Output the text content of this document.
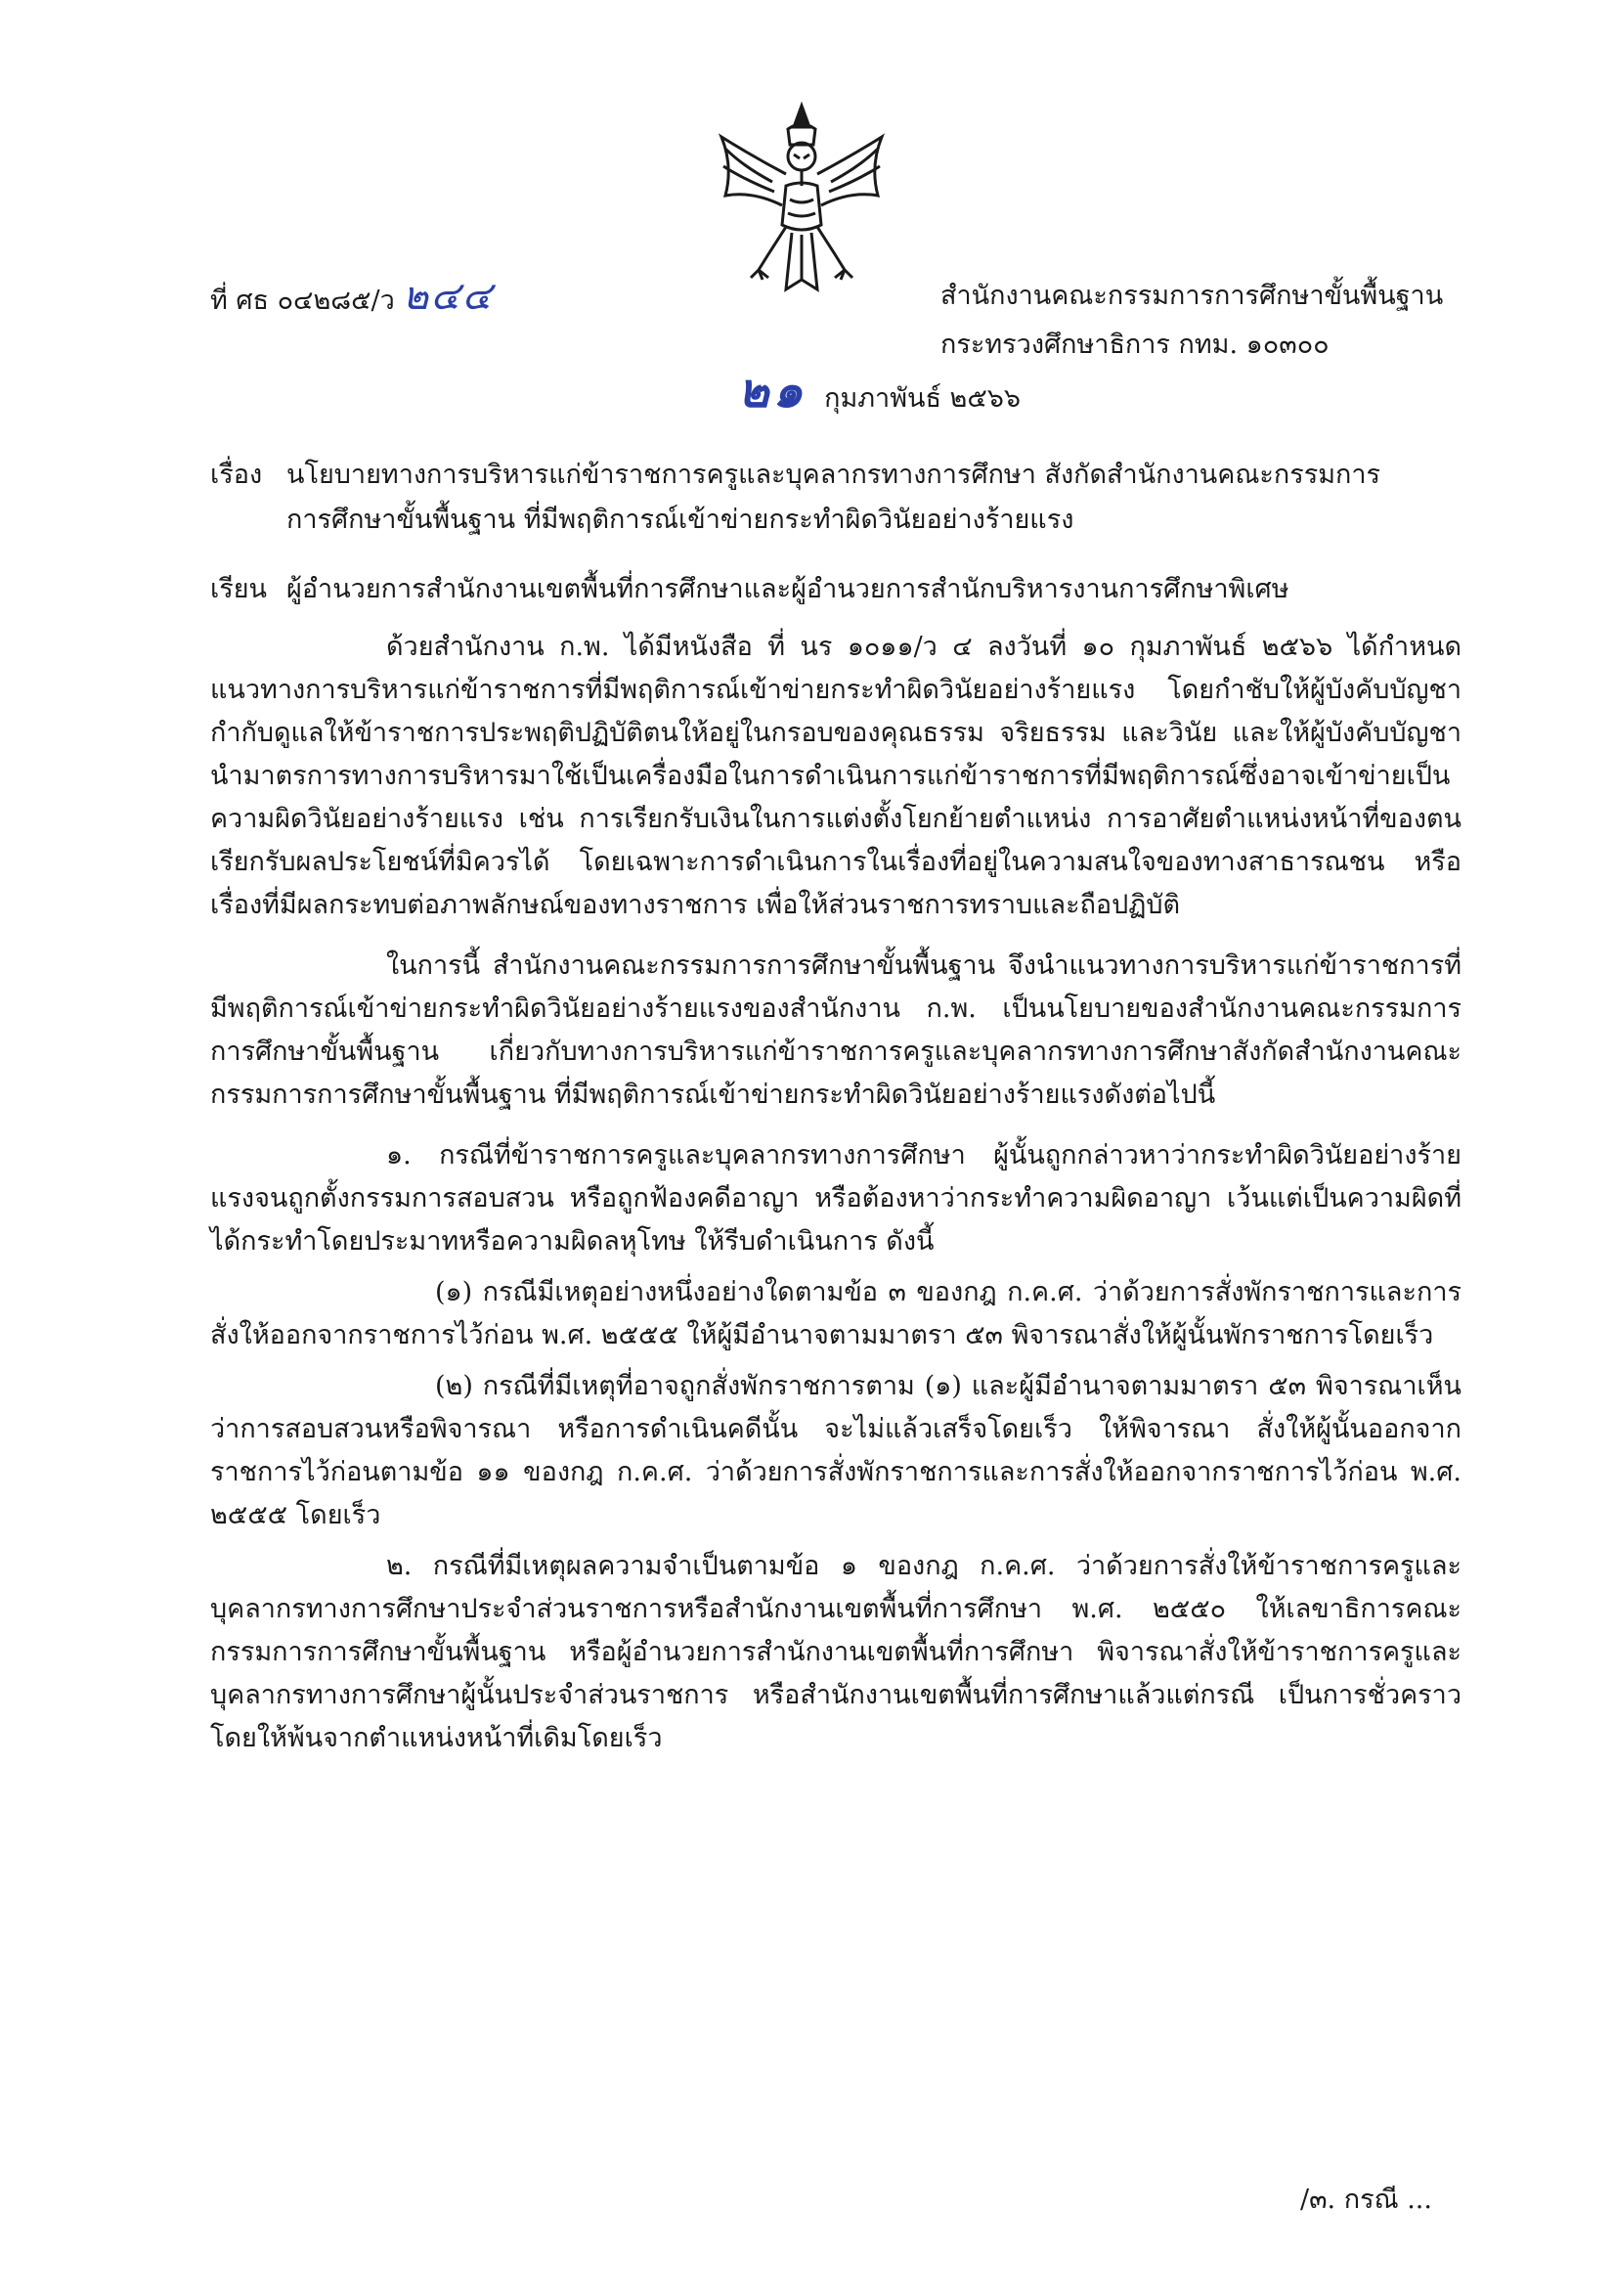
ที่ ศธ ๐๔๒๘๕/ว ๒๔๔	สำนักงานคณะกรรมการการศึกษาขั้นพื้นฐาน
กระทรวงศึกษาธิการ กทม. ๑๐๓๐๐
๒๑ กุมภาพันธ์ ๒๕๖๖
เรื่อง นโยบายทางการบริหารแก่ข้าราชการครูและบุคลากรทางการศึกษา สังกัดสำนักงานคณะกรรมการ
การศึกษาขั้นพื้นฐาน ที่มีพฤติการณ์เข้าข่ายกระทำผิดวินัยอย่างร้ายแรง
เรียน ผู้อำนวยการสำนักงานเขตพื้นที่การศึกษาและผู้อำนวยการสำนักบริหารงานการศึกษาพิเศษ

ด้วยสำนักงาน ก.พ. ได้มีหนังสือ ที่ นร ๑๐๑๑/ว ๔ ลงวันที่ ๑๐ กุมภาพันธ์ ๒๕๖๖ ได้กำหนดแนวทางการบริหารแก่ข้าราชการที่มีพฤติการณ์เข้าข่ายกระทำผิดวินัยอย่างร้ายแรง โดยกำชับให้ผู้บังคับบัญชากำกับดูแลให้ข้าราชการประพฤติปฏิบัติตนให้อยู่ในกรอบของคุณธรรม จริยธรรม และวินัย และให้ผู้บังคับบัญชา นำมาตรการทางการบริหารมาใช้เป็นเครื่องมือในการดำเนินการแก่ข้าราชการที่มีพฤติการณ์ซึ่งอาจเข้าข่ายเป็นความผิดวินัยอย่างร้ายแรง เช่น การเรียกรับเงินในการแต่งตั้งโยกย้ายตำแหน่ง การอาศัยตำแหน่งหน้าที่ของตนเรียกรับผลประโยชน์ที่มิควรได้ โดยเฉพาะการดำเนินการในเรื่องที่อยู่ในความสนใจของทางสาธารณชน หรือเรื่องที่มีผลกระทบต่อภาพลักษณ์ของทางราชการ เพื่อให้ส่วนราชการทราบและถือปฏิบัติ

ในการนี้ สำนักงานคณะกรรมการการศึกษาขั้นพื้นฐาน จึงนำแนวทางการบริหารแก่ข้าราชการที่มีพฤติการณ์เข้าข่ายกระทำผิดวินัยอย่างร้ายแรงของสำนักงาน ก.พ. เป็นนโยบายของสำนักงานคณะกรรมการการศึกษาขั้นพื้นฐาน เกี่ยวกับทางการบริหารแก่ข้าราชการครูและบุคลากรทางการศึกษาสังกัดสำนักงานคณะกรรมการการศึกษาขั้นพื้นฐาน ที่มีพฤติการณ์เข้าข่ายกระทำผิดวินัยอย่างร้ายแรงดังต่อไปนี้

๑. กรณีที่ข้าราชการครูและบุคลากรทางการศึกษา ผู้นั้นถูกกล่าวหาว่ากระทำผิดวินัยอย่างร้ายแรงจนถูกตั้งกรรมการสอบสวน หรือถูกฟ้องคดีอาญา หรือต้องหาว่ากระทำความผิดอาญา เว้นแต่เป็นความผิดที่ได้กระทำโดยประมาทหรือความผิดลหุโทษ ให้รีบดำเนินการ ดังนี้

(๑) กรณีมีเหตุอย่างหนึ่งอย่างใดตามข้อ ๓ ของกฎ ก.ค.ศ. ว่าด้วยการสั่งพักราชการและการสั่งให้ออกจากราชการไว้ก่อน พ.ศ. ๒๕๕๕ ให้ผู้มีอำนาจตามมาตรา ๕๓ พิจารณาสั่งให้ผู้นั้นพักราชการโดยเร็ว

(๒) กรณีที่มีเหตุที่อาจถูกสั่งพักราชการตาม (๑) และผู้มีอำนาจตามมาตรา ๕๓ พิจารณาเห็นว่าการสอบสวนหรือพิจารณา หรือการดำเนินคดีนั้น จะไม่แล้วเสร็จโดยเร็ว ให้พิจารณา สั่งให้ผู้นั้นออกจากราชการไว้ก่อนตามข้อ ๑๑ ของกฎ ก.ค.ศ. ว่าด้วยการสั่งพักราชการและการสั่งให้ออกจากราชการไว้ก่อน พ.ศ. ๒๕๕๕ โดยเร็ว

๒. กรณีที่มีเหตุผลความจำเป็นตามข้อ ๑ ของกฎ ก.ค.ศ. ว่าด้วยการสั่งให้ข้าราชการครูและบุคลากรทางการศึกษาประจำส่วนราชการหรือสำนักงานเขตพื้นที่การศึกษา พ.ศ. ๒๕๕๐ ให้เลขาธิการคณะกรรมการการศึกษาขั้นพื้นฐาน หรือผู้อำนวยการสำนักงานเขตพื้นที่การศึกษา พิจารณาสั่งให้ข้าราชการครูและบุคลากรทางการศึกษาผู้นั้นประจำส่วนราชการ หรือสำนักงานเขตพื้นที่การศึกษาแล้วแต่กรณี เป็นการชั่วคราว โดยให้พ้นจากตำแหน่งหน้าที่เดิมโดยเร็ว

/๓. กรณี ...
